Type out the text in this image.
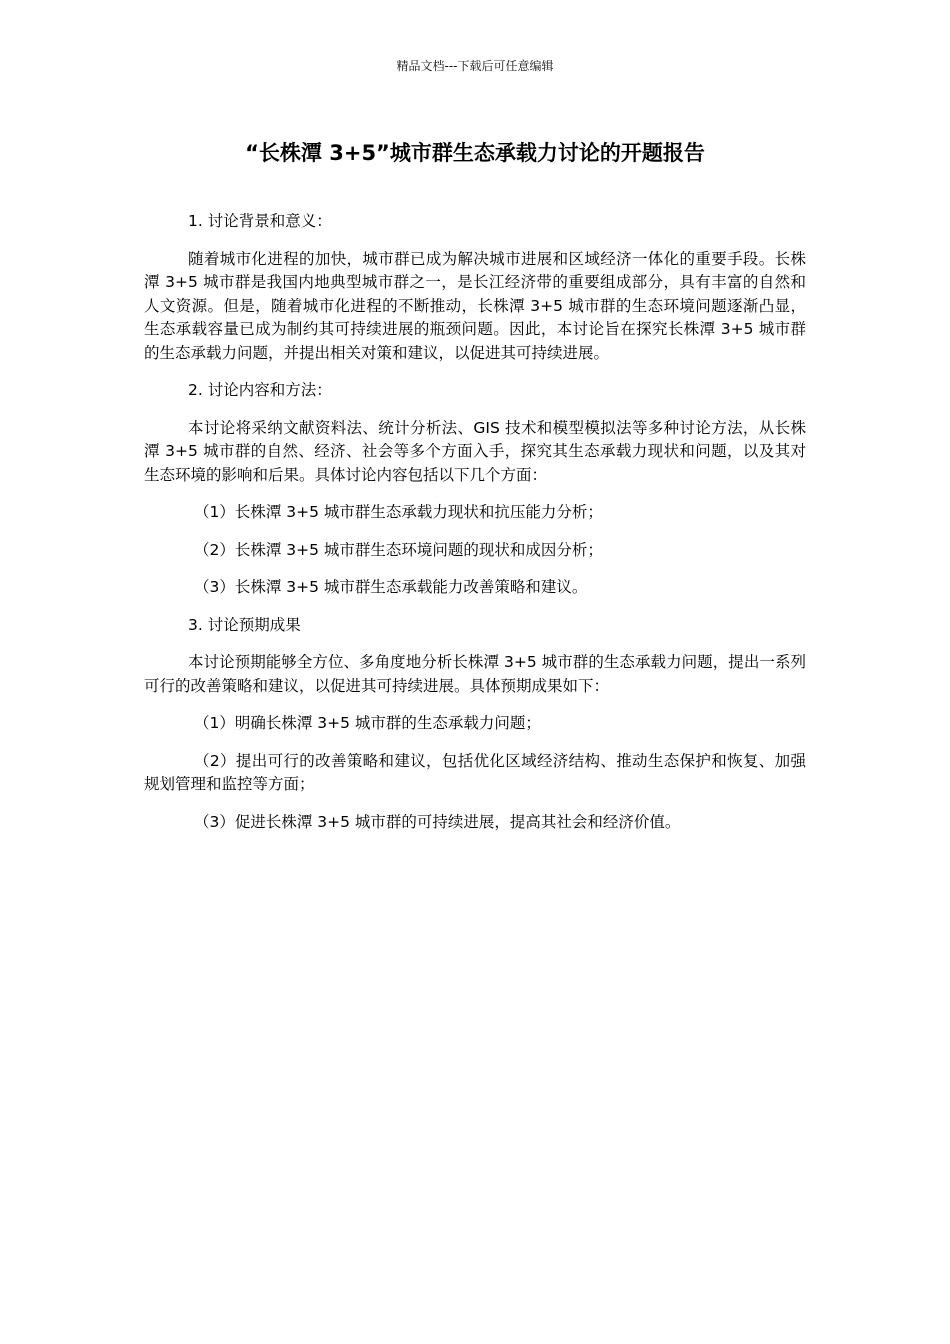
精品文档---下载后可任意编辑
“长株潭 3+5”城市群生态承载力讨论的开题报告

1. 讨论背景和意义：

随着城市化进程的加快，城市群已成为解决城市进展和区域经济一体化的重要手段。长株潭 3+5 城市群是我国内地典型城市群之一，是长江经济带的重要组成部分，具有丰富的自然和人文资源。但是，随着城市化进程的不断推动，长株潭 3+5 城市群的生态环境问题逐渐凸显，生态承载容量已成为制约其可持续进展的瓶颈问题。因此，本讨论旨在探究长株潭 3+5 城市群的生态承载力问题，并提出相关对策和建议，以促进其可持续进展。

2. 讨论内容和方法：

本讨论将采纳文献资料法、统计分析法、GIS 技术和模型模拟法等多种讨论方法，从长株潭 3+5 城市群的自然、经济、社会等多个方面入手，探究其生态承载力现状和问题，以及其对生态环境的影响和后果。具体讨论内容包括以下几个方面：

（1）长株潭 3+5 城市群生态承载力现状和抗压能力分析；

（2）长株潭 3+5 城市群生态环境问题的现状和成因分析；

（3）长株潭 3+5 城市群生态承载能力改善策略和建议。

3. 讨论预期成果

本讨论预期能够全方位、多角度地分析长株潭 3+5 城市群的生态承载力问题，提出一系列可行的改善策略和建议，以促进其可持续进展。具体预期成果如下：

（1）明确长株潭 3+5 城市群的生态承载力问题；

（2）提出可行的改善策略和建议，包括优化区域经济结构、推动生态保护和恢复、加强规划管理和监控等方面；

（3）促进长株潭 3+5 城市群的可持续进展，提高其社会和经济价值。
